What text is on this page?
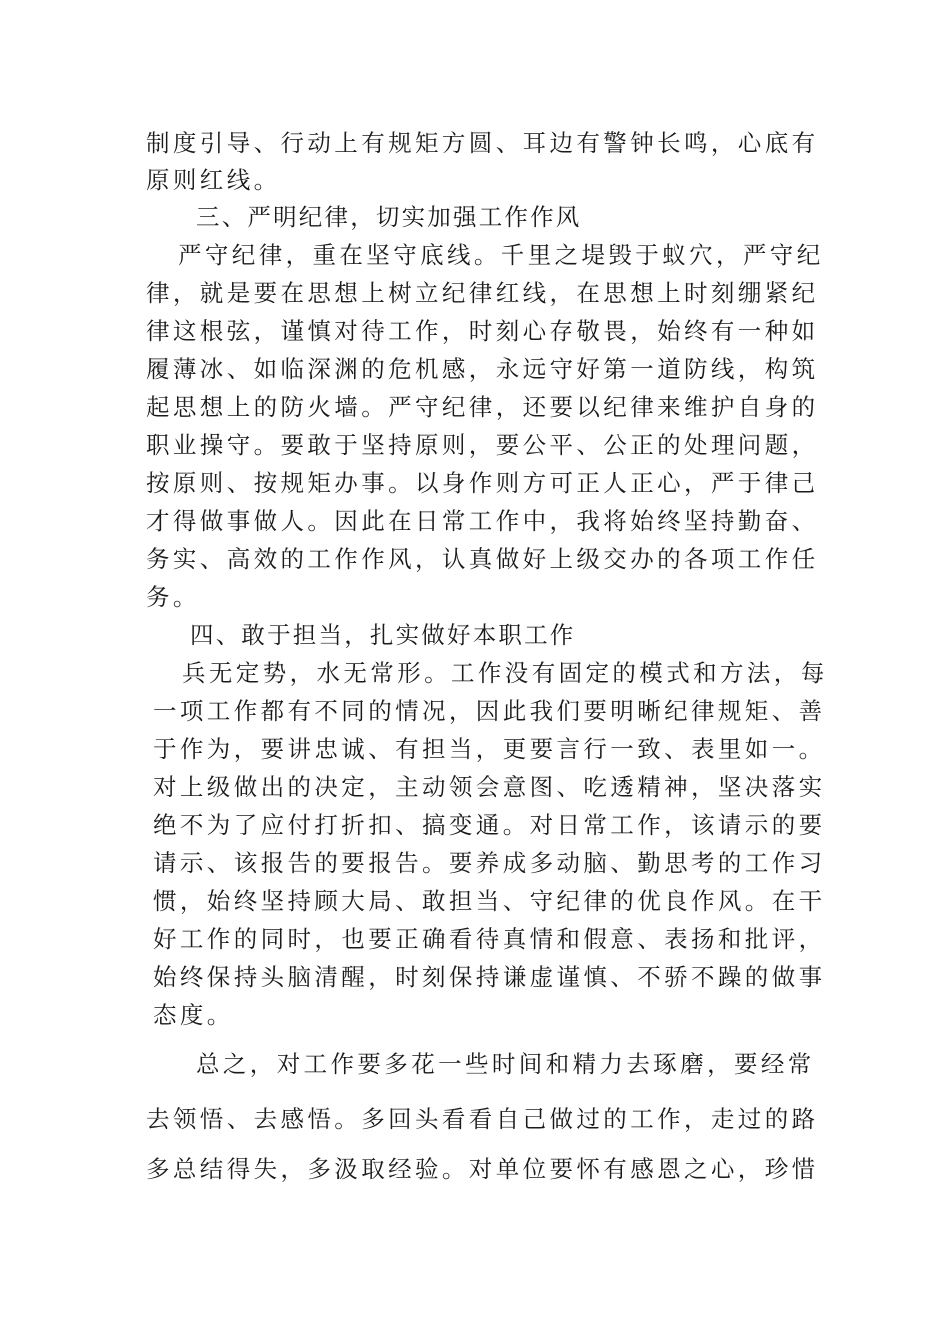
制度引导、行动上有规矩方圆、耳边有警钟长鸣，心底有

原则红线。

三、严明纪律，切实加强工作作风

严守纪律，重在坚守底线。千里之堤毁于蚁穴，严守纪

律，就是要在思想上树立纪律红线，在思想上时刻绷紧纪

律这根弦，谨慎对待工作，时刻心存敬畏，始终有一种如

履薄冰、如临深渊的危机感，永远守好第一道防线，构筑

起思想上的防火墙。严守纪律，还要以纪律来维护自身的

职业操守。要敢于坚持原则，要公平、公正的处理问题，

按原则、按规矩办事。以身作则方可正人正心，严于律己

才得做事做人。因此在日常工作中，我将始终坚持勤奋、

务实、高效的工作作风，认真做好上级交办的各项工作任

务。

四、敢于担当，扎实做好本职工作

兵无定势，水无常形。工作没有固定的模式和方法，每

一项工作都有不同的情况，因此我们要明晰纪律规矩、善

于作为，要讲忠诚、有担当，更要言行一致、表里如一。

对上级做出的决定，主动领会意图、吃透精神，坚决落实

绝不为了应付打折扣、搞变通。对日常工作，该请示的要

请示、该报告的要报告。要养成多动脑、勤思考的工作习

惯，始终坚持顾大局、敢担当、守纪律的优良作风。在干

好工作的同时，也要正确看待真情和假意、表扬和批评，

始终保持头脑清醒，时刻保持谦虚谨慎、不骄不躁的做事

态度。

总之，对工作要多花一些时间和精力去琢磨，要经常

去领悟、去感悟。多回头看看自己做过的工作，走过的路

多总结得失，多汲取经验。对单位要怀有感恩之心，珍惜
